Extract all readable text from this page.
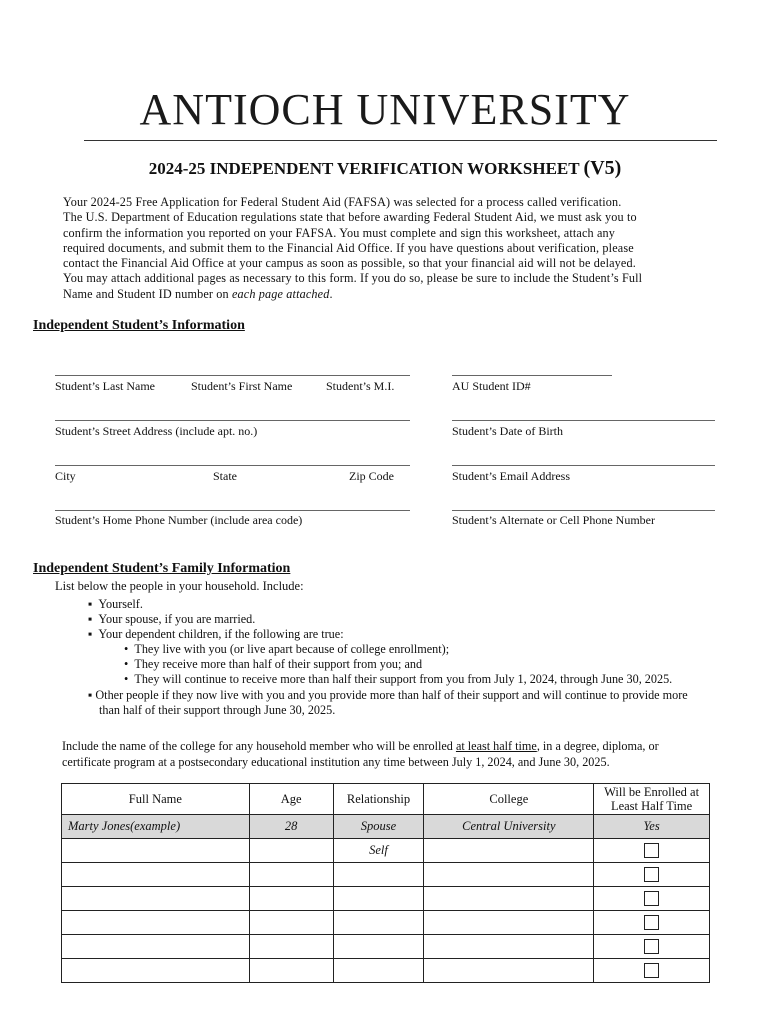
ANTIOCH UNIVERSITY
2024-25 INDEPENDENT VERIFICATION WORKSHEET (V5)
Your 2024-25 Free Application for Federal Student Aid (FAFSA) was selected for a process called verification.
The U.S. Department of Education regulations state that before awarding Federal Student Aid, we must ask you to
confirm the information you reported on your FAFSA. You must complete and sign this worksheet, attach any
required documents, and submit them to the Financial Aid Office. If you have questions about verification, please
contact the Financial Aid Office at your campus as soon as possible, so that your financial aid will not be delayed.
You may attach additional pages as necessary to this form. If you do so, please be sure to include the Student’s Full
Name and Student ID number on each page attached.
Independent Student’s Information
Student’s Last Name	Student’s First Name	Student’s M.I.	AU Student ID#
Student’s Street Address (include apt. no.)	Student’s Date of Birth
City	State	Zip Code	Student’s Email Address
Student’s Home Phone Number (include area code)	Student’s Alternate or Cell Phone Number
Independent Student’s Family Information
List below the people in your household. Include:
▪  Yourself.
▪  Your spouse, if you are married.
▪  Your dependent children, if the following are true:
•  They live with you (or live apart because of college enrollment);
•  They receive more than half of their support from you; and
•  They will continue to receive more than half their support from you from July 1, 2024, through June 30, 2025.
▪ Other people if they now live with you and you provide more than half of their support and will continue to provide more
than half of their support through June 30, 2025.
Include the name of the college for any household member who will be enrolled at least half time, in a degree, diploma, or
certificate program at a postsecondary educational institution any time between July 1, 2024, and June 30, 2025.
Full Name	Age	Relationship	College	Will be Enrolled at
Least Half Time

Marty Jones(example)	28	Spouse	Central University	Yes
		Self		
